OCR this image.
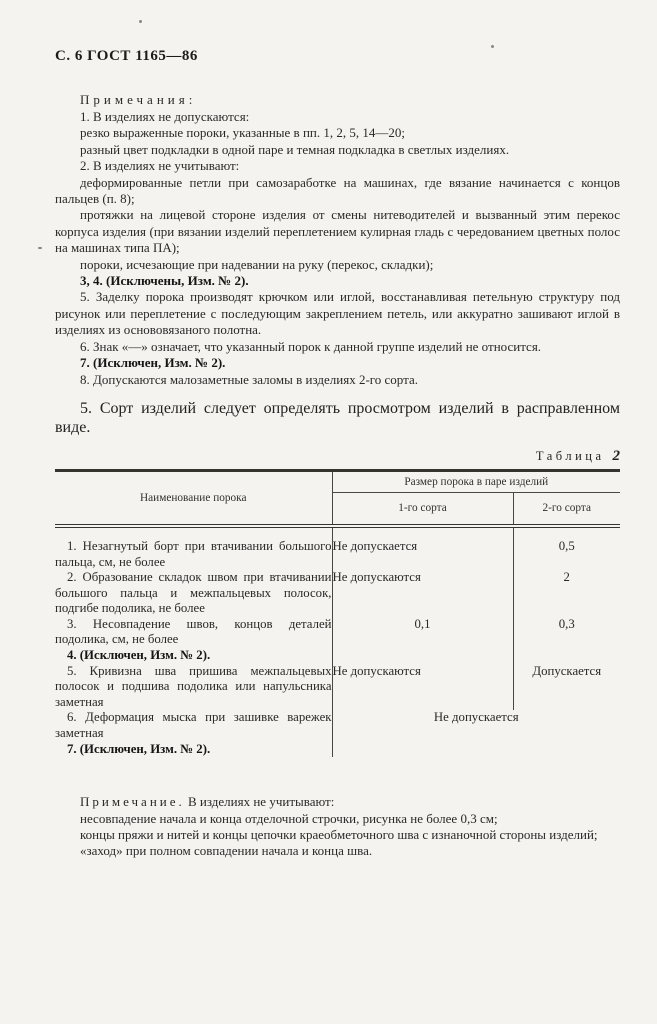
С. 6 ГОСТ 1165—86
Примечания:

1. В изделиях не допускаются:

резко выраженные пороки, указанные в пп. 1, 2, 5, 14—20;

разный цвет подкладки в одной паре и темная подкладка в светлых изделиях.

2. В изделиях не учитывают:

деформированные петли при самозаработке на машинах, где вязание начинается с концов пальцев (п. 8);

протяжки на лицевой стороне изделия от смены нитеводителей и вызванный этим перекос корпуса изделия (при вязании изделий переплетением кулирная гладь с чередованием цветных полос на машинах типа ПА);

пороки, исчезающие при надевании на руку (перекос, складки);

3, 4. (Исключены, Изм. № 2).

5. Заделку порока производят крючком или иглой, восстанавливая петельную структуру под рисунок или переплетение с последующим закреплением петель, или аккуратно зашивают иглой в изделиях из основовязаного полотна.

6. Знак «—» означает, что указанный порок к данной группе изделий не относится.

7. (Исключен, Изм. № 2).

8. Допускаются малозаметные заломы в изделиях 2-го сорта.

5. Сорт изделий следует определять просмотром изделий в расправленном виде.

Таблица 2
Наименование порока	Размер порока в паре изделий	
	1-го сорта	2-го сорта
1. Незагнутый борт при втачивании большого пальца, см, не более	Не допускается	0,5
2. Образование складок швом при втачивании большого пальца и межпальцевых полосок, подгибе подолика, не более	Не допускаются	2
3. Несовпадение швов, концов деталей подолика, см, не более	0,1	0,3
4. (Исключен, Изм. № 2).		
5. Кривизна шва пришива межпальцевых полосок и подшива подолика или напульсника заметная	Не допускаются	Допускается
6. Деформация мыска при зашивке варежек заметная	Не допускается	
7. (Исключен, Изм. № 2).		

Примечание. В изделиях не учитывают:

несовпадение начала и конца отделочной строчки, рисунка не более 0,3 см;

концы пряжи и нитей и концы цепочки краеобметочного шва с изнаночной стороны изделий;

«заход» при полном совпадении начала и конца шва.
